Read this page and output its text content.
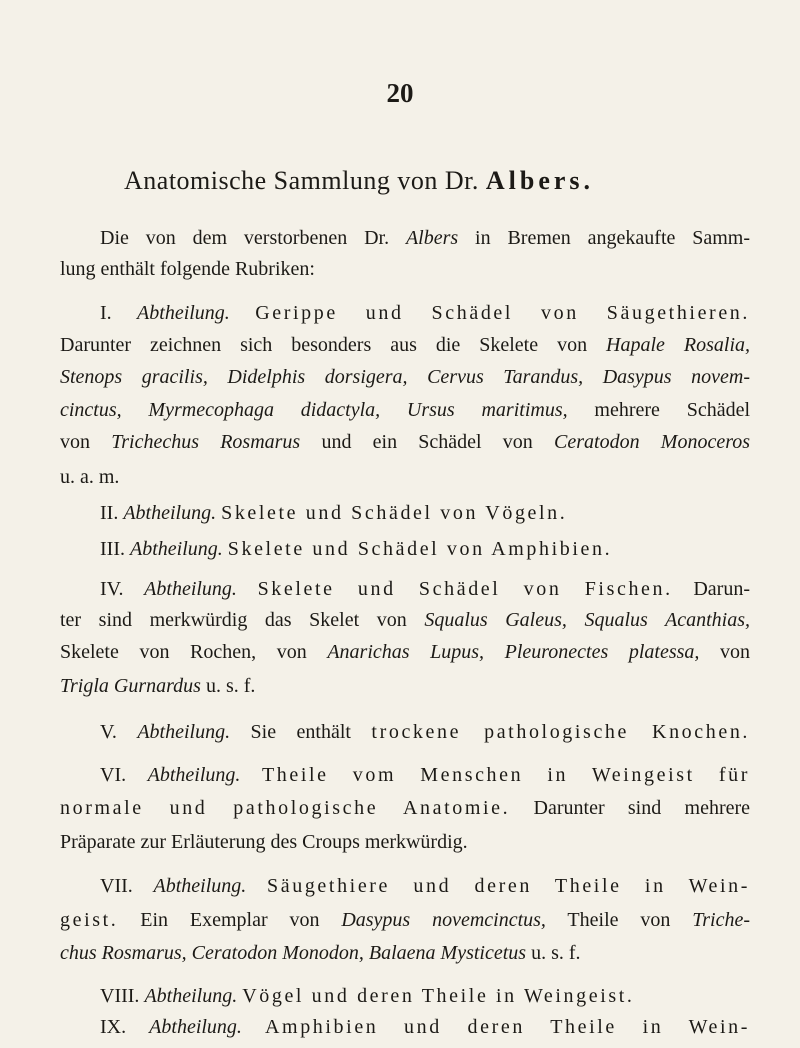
20
Anatomische Sammlung von Dr. Albers.
Die von dem verstorbenen Dr. Albers in Bremen angekaufte Samm-
lung enthält folgende Rubriken:
I. Abtheilung. Gerippe und Schädel von Säugethieren.
Darunter zeichnen sich besonders aus die Skelete von Hapale Rosalia,
Stenops gracilis, Didelphis dorsigera, Cervus Tarandus, Dasypus novem-
cinctus, Myrmecophaga didactyla, Ursus maritimus, mehrere Schädel
von Trichechus Rosmarus und ein Schädel von Ceratodon Monoceros
u. a. m.
II. Abtheilung. Skelete und Schädel von Vögeln.
III. Abtheilung. Skelete und Schädel von Amphibien.
IV. Abtheilung. Skelete und Schädel von Fischen. Darun-
ter sind merkwürdig das Skelet von Squalus Galeus, Squalus Acanthias,
Skelete von Rochen, von Anarichas Lupus, Pleuronectes platessa, von
Trigla Gurnardus u. s. f.
V. Abtheilung. Sie enthält trockene pathologische Knochen.
VI. Abtheilung. Theile vom Menschen in Weingeist für
normale und pathologische Anatomie. Darunter sind mehrere
Präparate zur Erläuterung des Croups merkwürdig.
VII. Abtheilung. Säugethiere und deren Theile in Wein-
geist. Ein Exemplar von Dasypus novemcinctus, Theile von Triche-
chus Rosmarus, Ceratodon Monodon, Balaena Mysticetus u. s. f.
VIII. Abtheilung. Vögel und deren Theile in Weingeist.
IX. Abtheilung. Amphibien und deren Theile in Wein-
